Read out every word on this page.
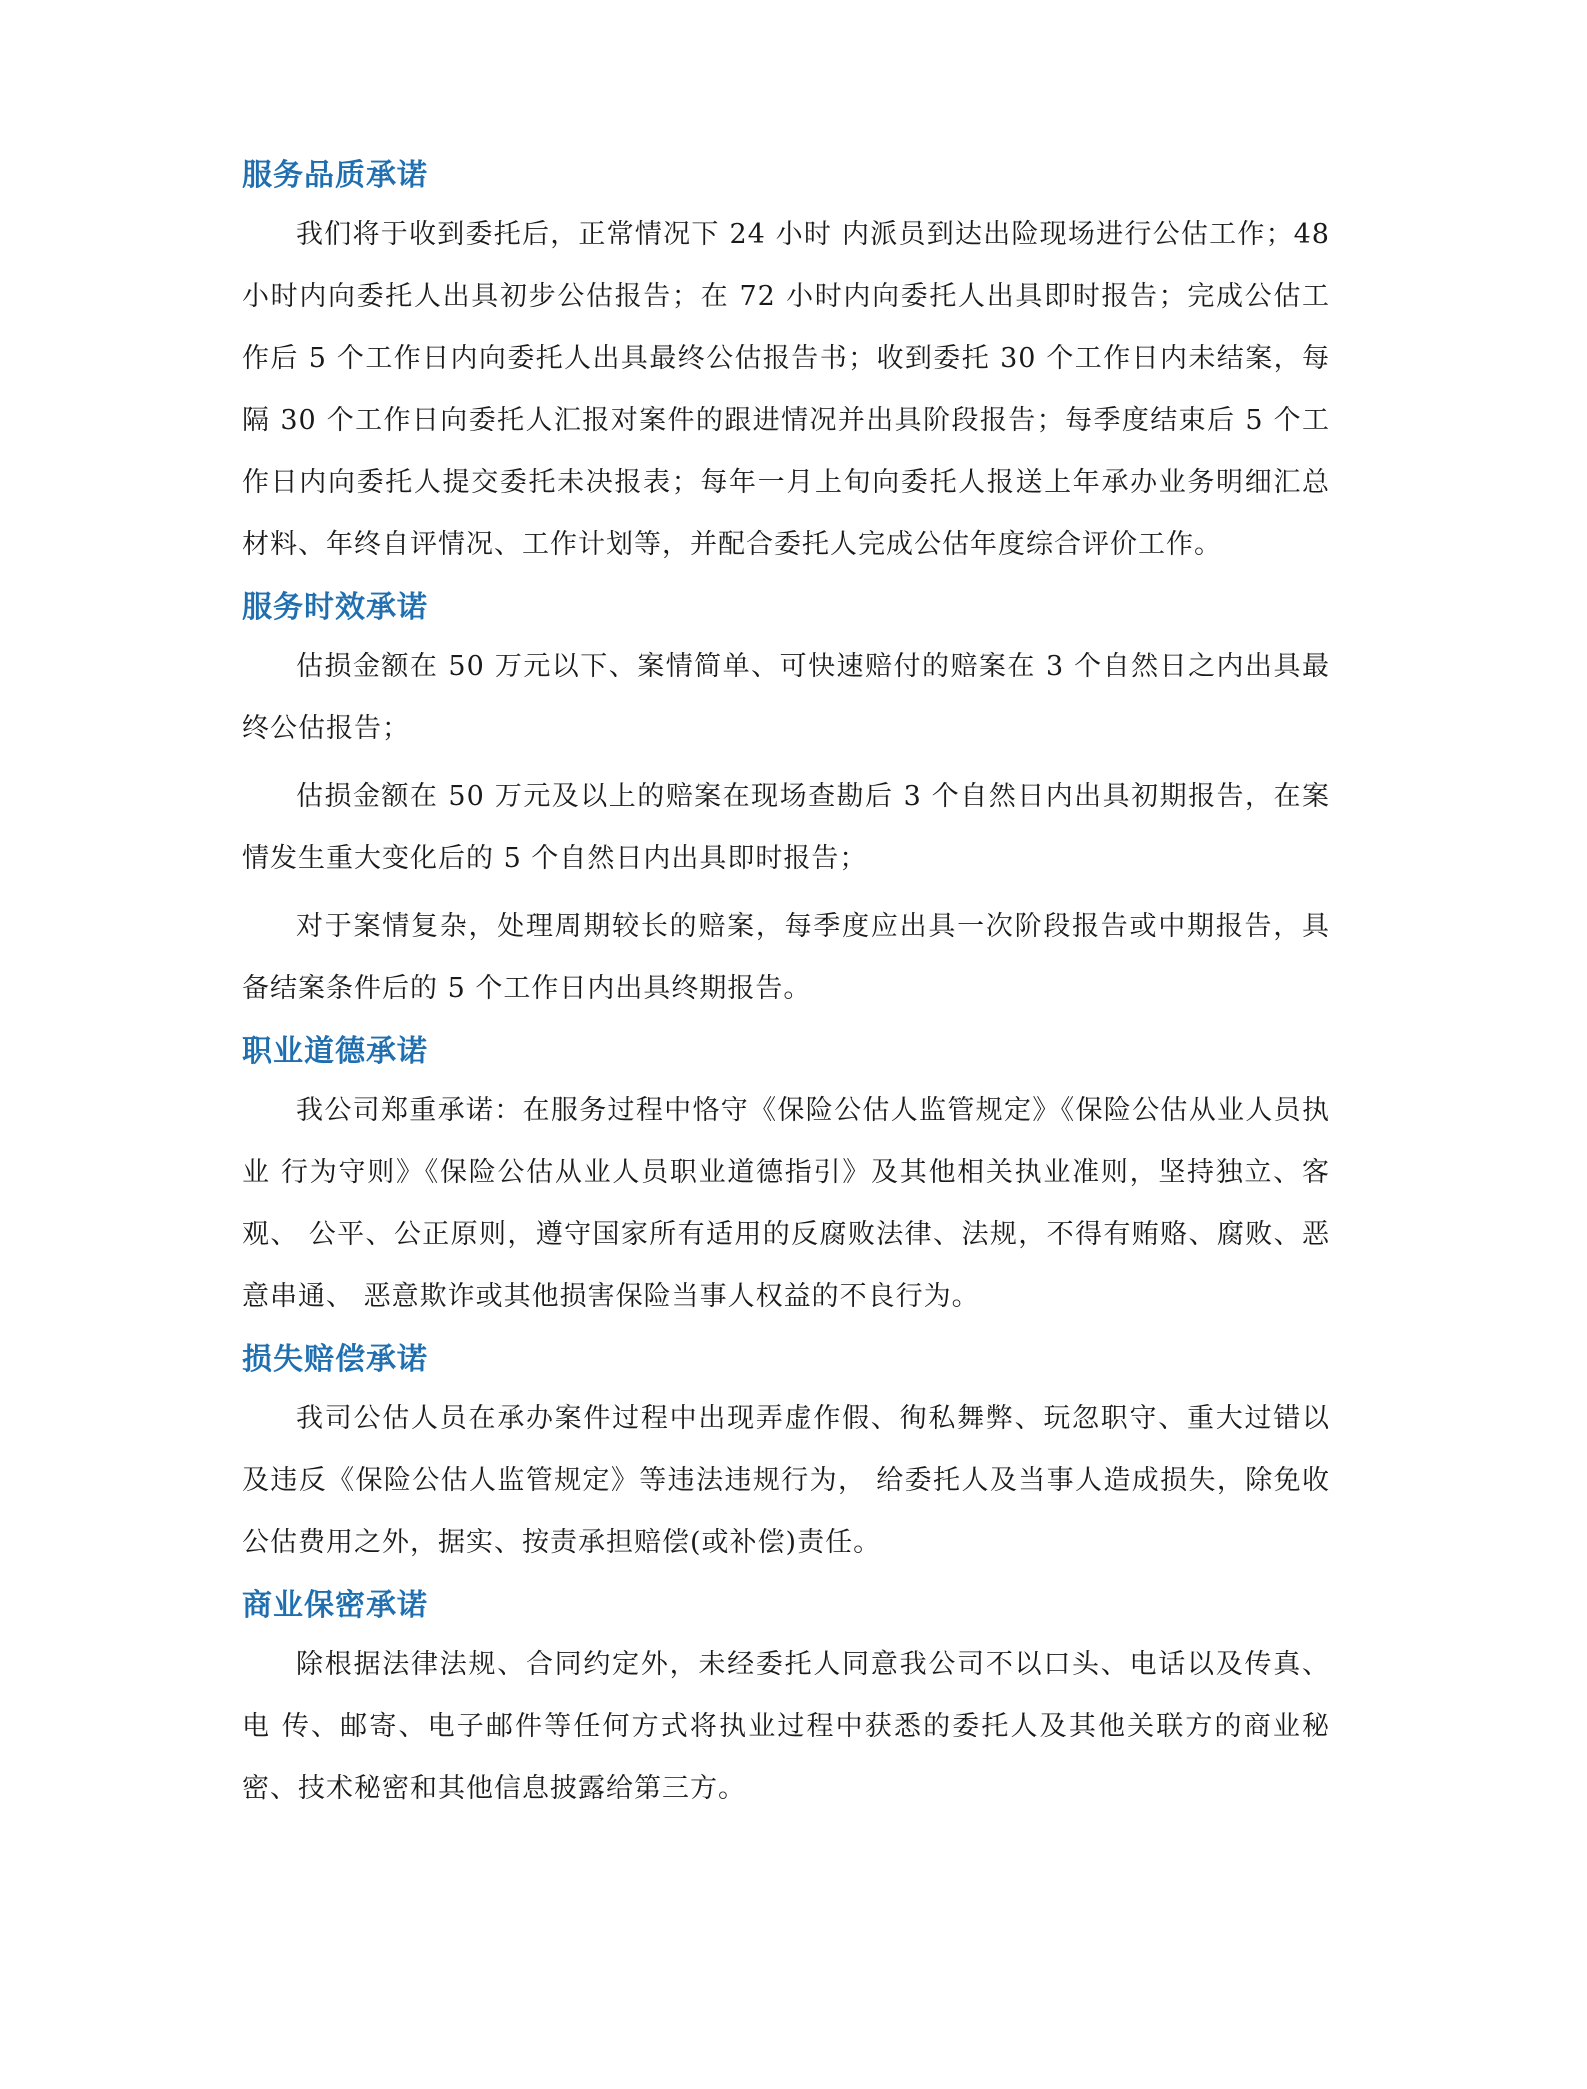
服务品质承诺

我们将于收到委托后，正常情况下 24 小时 内派员到达出险现场进行公估工作；48 小时内向委托人出具初步公估报告；在 72 小时内向委托人出具即时报告；完成公估工作后 5 个工作日内向委托人出具最终公估报告书；收到委托 30 个工作日内未结案，每隔 30 个工作日向委托人汇报对案件的跟进情况并出具阶段报告；每季度结束后 5 个工作日内向委托人提交委托未决报表；每年一月上旬向委托人报送上年承办业务明细汇总材料、年终自评情况、工作计划等，并配合委托人完成公估年度综合评价工作。

服务时效承诺

估损金额在 50 万元以下、案情简单、可快速赔付的赔案在 3 个自然日之内出具最终公估报告；

估损金额在 50 万元及以上的赔案在现场查勘后 3 个自然日内出具初期报告，在案情发生重大变化后的 5 个自然日内出具即时报告；

对于案情复杂，处理周期较长的赔案，每季度应出具一次阶段报告或中期报告，具备结案条件后的 5 个工作日内出具终期报告。

职业道德承诺

我公司郑重承诺：在服务过程中恪守《保险公估人监管规定》《保险公估从业人员执业 行为守则》《保险公估从业人员职业道德指引》及其他相关执业准则，坚持独立、客观、 公平、公正原则，遵守国家所有适用的反腐败法律、法规，不得有贿赂、腐败、恶意串通、 恶意欺诈或其他损害保险当事人权益的不良行为。

损失赔偿承诺

我司公估人员在承办案件过程中出现弄虚作假、徇私舞弊、玩忽职守、重大过错以及违反《保险公估人监管规定》等违法违规行为， 给委托人及当事人造成损失，除免收公估费用之外，据实、按责承担赔偿(或补偿)责任。

商业保密承诺

除根据法律法规、合同约定外，未经委托人同意我公司不以口头、电话以及传真、电 传、邮寄、电子邮件等任何方式将执业过程中获悉的委托人及其他关联方的商业秘密、技术秘密和其他信息披露给第三方。
